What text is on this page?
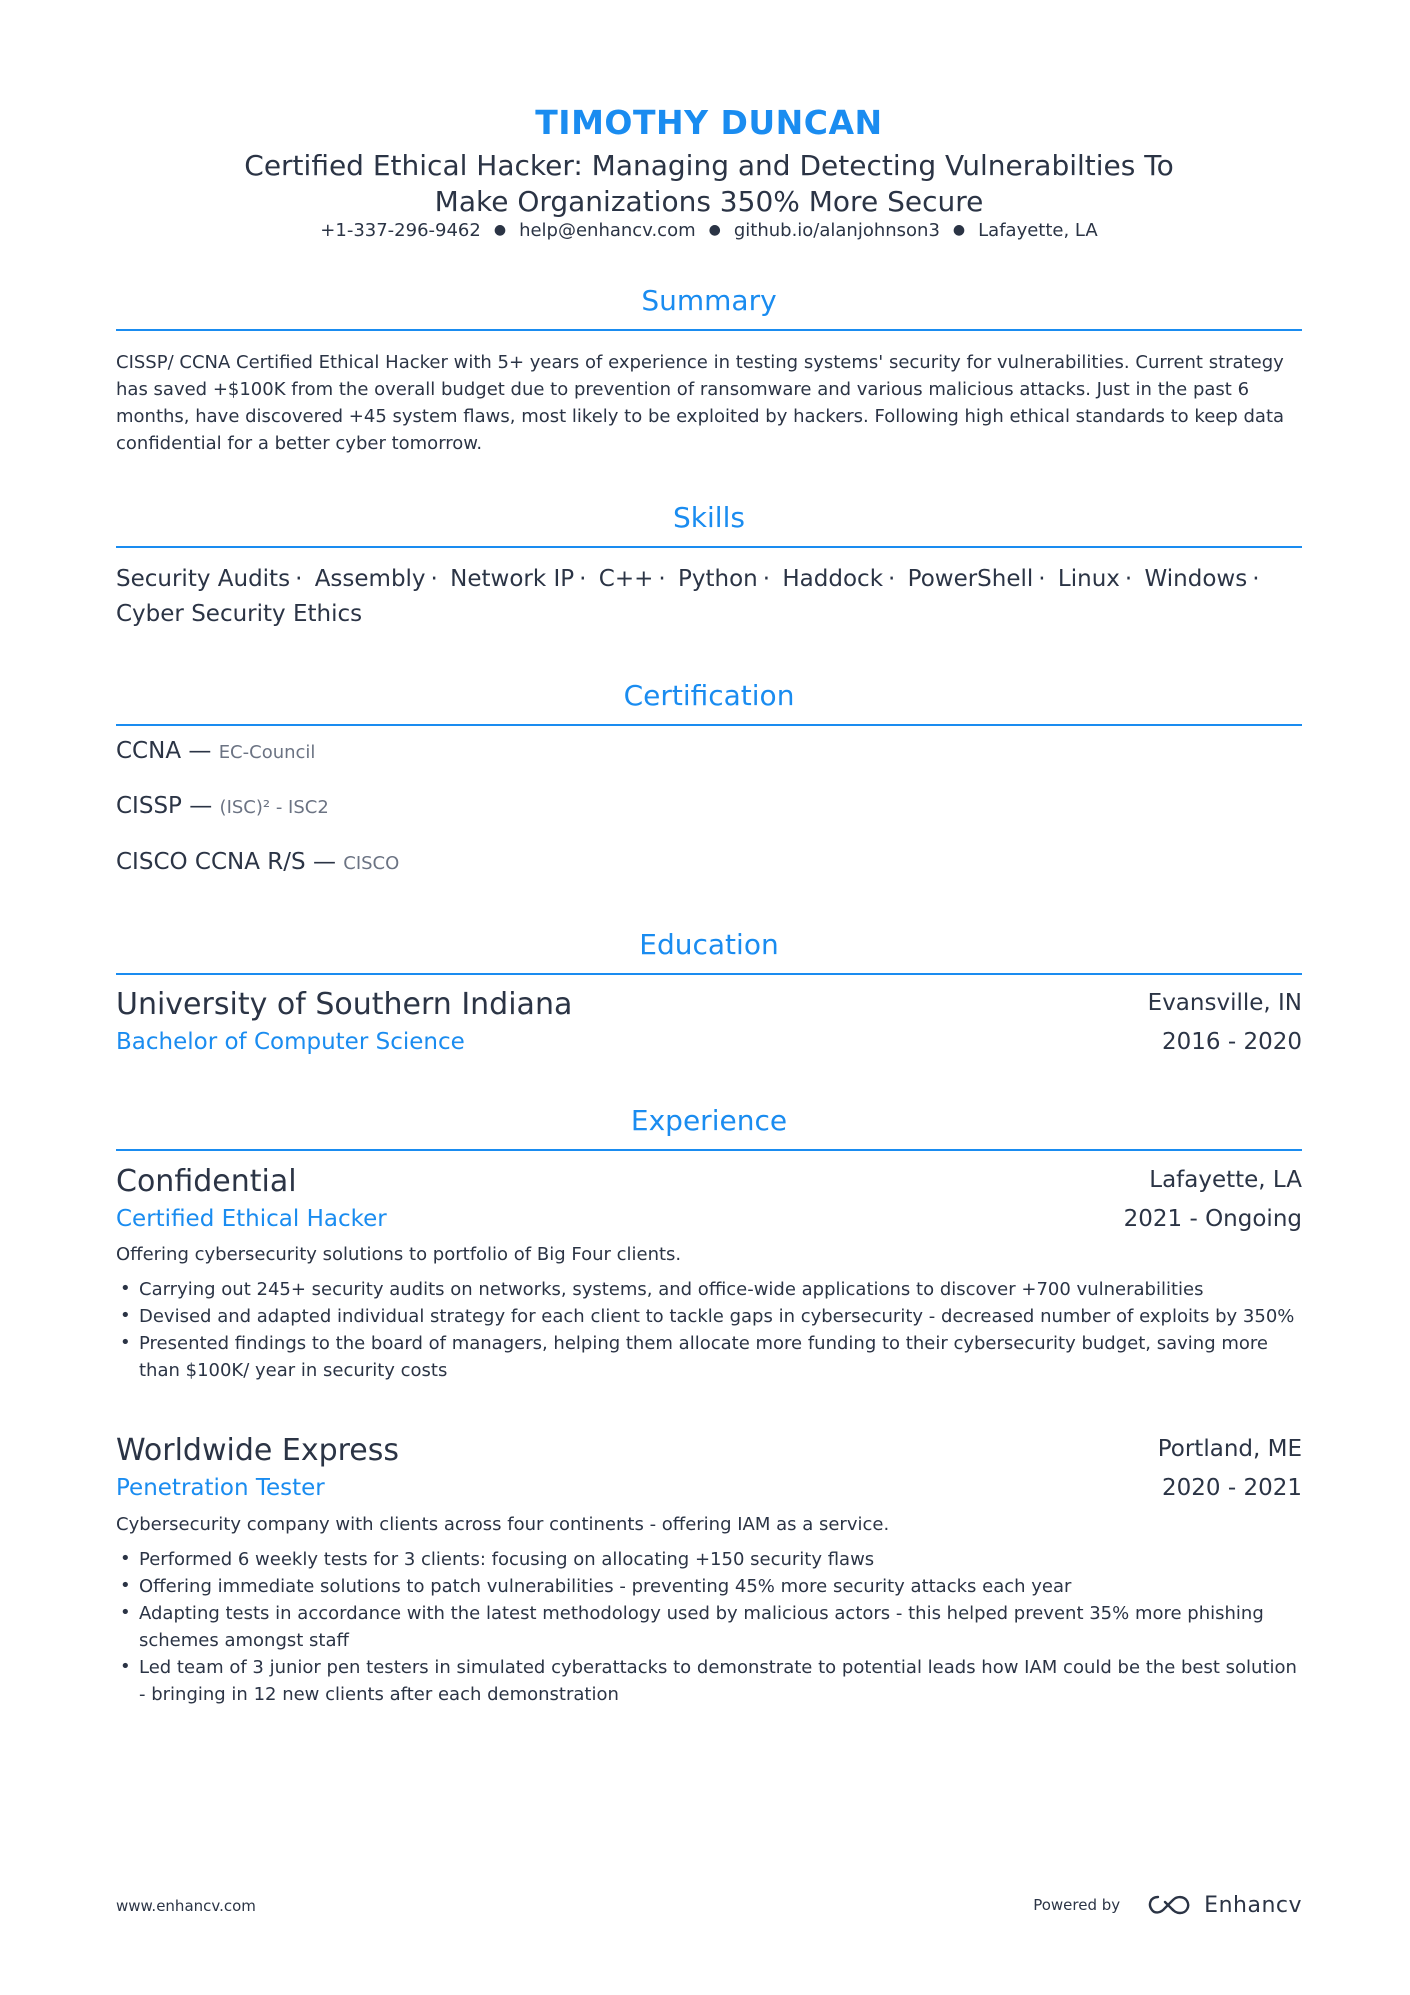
TIMOTHY DUNCAN
Certified Ethical Hacker: Managing and Detecting Vulnerabilties To Make Organizations 350% More Secure
+1-337-296-9462 ● help@enhancv.com ● github.io/alanjohnson3 ● Lafayette, LA
Summary
CISSP/ CCNA Certified Ethical Hacker with 5+ years of experience in testing systems' security for vulnerabilities. Current strategy has saved +$100K from the overall budget due to prevention of ransomware and various malicious attacks. Just in the past 6 months, have discovered +45 system flaws, most likely to be exploited by hackers. Following high ethical standards to keep data confidential for a better cyber tomorrow.
Skills
Security Audits · Assembly · Network IP · C++ · Python · Haddock · PowerShell · Linux · Windows · Cyber Security Ethics
Certification
CCNA — EC-Council
CISSP — (ISC)² - ISC2
CISCO CCNA R/S — CISCO
Education
University of Southern Indiana	Evansville, IN
Bachelor of Computer Science	2016 - 2020
Experience
Confidential	Lafayette, LA
Certified Ethical Hacker	2021 - Ongoing
Offering cybersecurity solutions to portfolio of Big Four clients.
• Carrying out 245+ security audits on networks, systems, and office-wide applications to discover +700 vulnerabilities
• Devised and adapted individual strategy for each client to tackle gaps in cybersecurity - decreased number of exploits by 350%
• Presented findings to the board of managers, helping them allocate more funding to their cybersecurity budget, saving more than $100K/ year in security costs
Worldwide Express	Portland, ME
Penetration Tester	2020 - 2021
Cybersecurity company with clients across four continents - offering IAM as a service.
• Performed 6 weekly tests for 3 clients: focusing on allocating +150 security flaws
• Offering immediate solutions to patch vulnerabilities - preventing 45% more security attacks each year
• Adapting tests in accordance with the latest methodology used by malicious actors - this helped prevent 35% more phishing schemes amongst staff
• Led team of 3 junior pen testers in simulated cyberattacks to demonstrate to potential leads how IAM could be the best solution - bringing in 12 new clients after each demonstration
www.enhancv.com	Powered by	Enhancv
